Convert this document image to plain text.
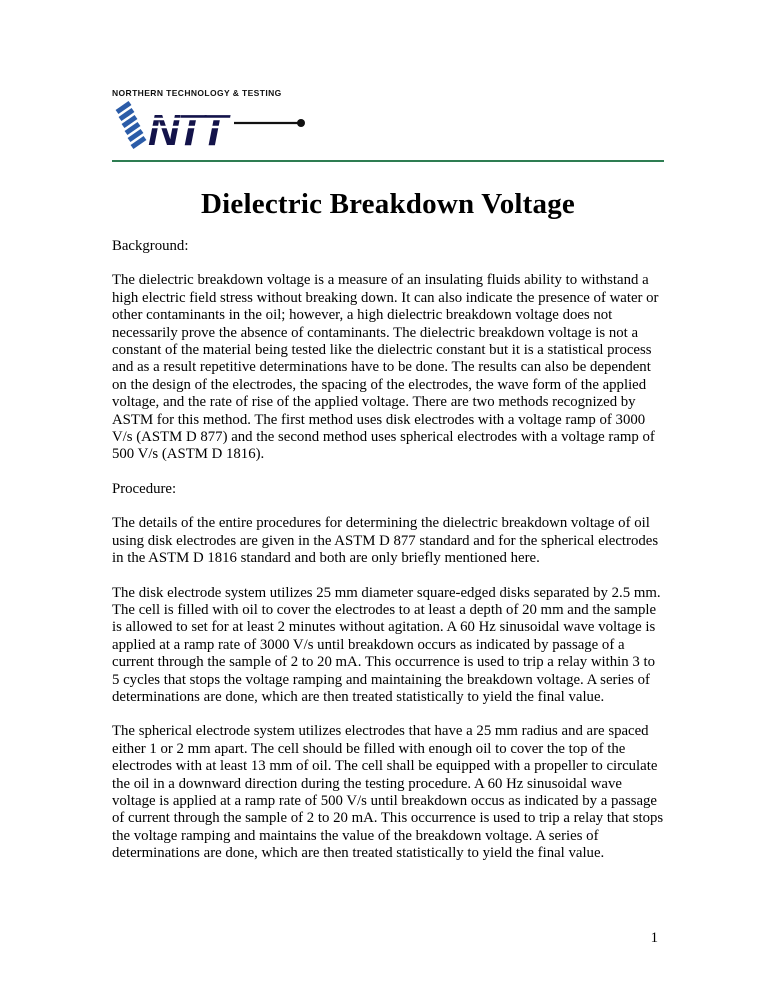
NORTHERN TECHNOLOGY & TESTING
NTT
Dielectric Breakdown Voltage
Background:

The dielectric breakdown voltage is a measure of an insulating fluids ability to withstand a high electric field stress without breaking down. It can also indicate the presence of water or other contaminants in the oil; however, a high dielectric breakdown voltage does not necessarily prove the absence of contaminants. The dielectric breakdown voltage is not a constant of the material being tested like the dielectric constant but it is a statistical process and as a result repetitive determinations have to be done. The results can also be dependent on the design of the electrodes, the spacing of the electrodes, the wave form of the applied voltage, and the rate of rise of the applied voltage. There are two methods recognized by ASTM for this method. The first method uses disk electrodes with a voltage ramp of 3000 V/s (ASTM D 877) and the second method uses spherical electrodes with a voltage ramp of 500 V/s (ASTM D 1816).

Procedure:

The details of the entire procedures for determining the dielectric breakdown voltage of oil using disk electrodes are given in the ASTM D 877 standard and for the spherical electrodes in the ASTM D 1816 standard and both are only briefly mentioned here.

The disk electrode system utilizes 25 mm diameter square-edged disks separated by 2.5 mm. The cell is filled with oil to cover the electrodes to at least a depth of 20 mm and the sample is allowed to set for at least 2 minutes without agitation. A 60 Hz sinusoidal wave voltage is applied at a ramp rate of 3000 V/s until breakdown occurs as indicated by passage of a current through the sample of 2 to 20 mA. This occurrence is used to trip a relay within 3 to 5 cycles that stops the voltage ramping and maintaining the breakdown voltage. A series of determinations are done, which are then treated statistically to yield the final value.

The spherical electrode system utilizes electrodes that have a 25 mm radius and are spaced either 1 or 2 mm apart. The cell should be filled with enough oil to cover the top of the electrodes with at least 13 mm of oil. The cell shall be equipped with a propeller to circulate the oil in a downward direction during the testing procedure. A 60 Hz sinusoidal wave voltage is applied at a ramp rate of 500 V/s until breakdown occus as indicated by a passage of current through the sample of 2 to 20 mA. This occurrence is used to trip a relay that stops the voltage ramping and maintains the value of the breakdown voltage. A series of determinations are done, which are then treated statistically to yield the final value.

1
